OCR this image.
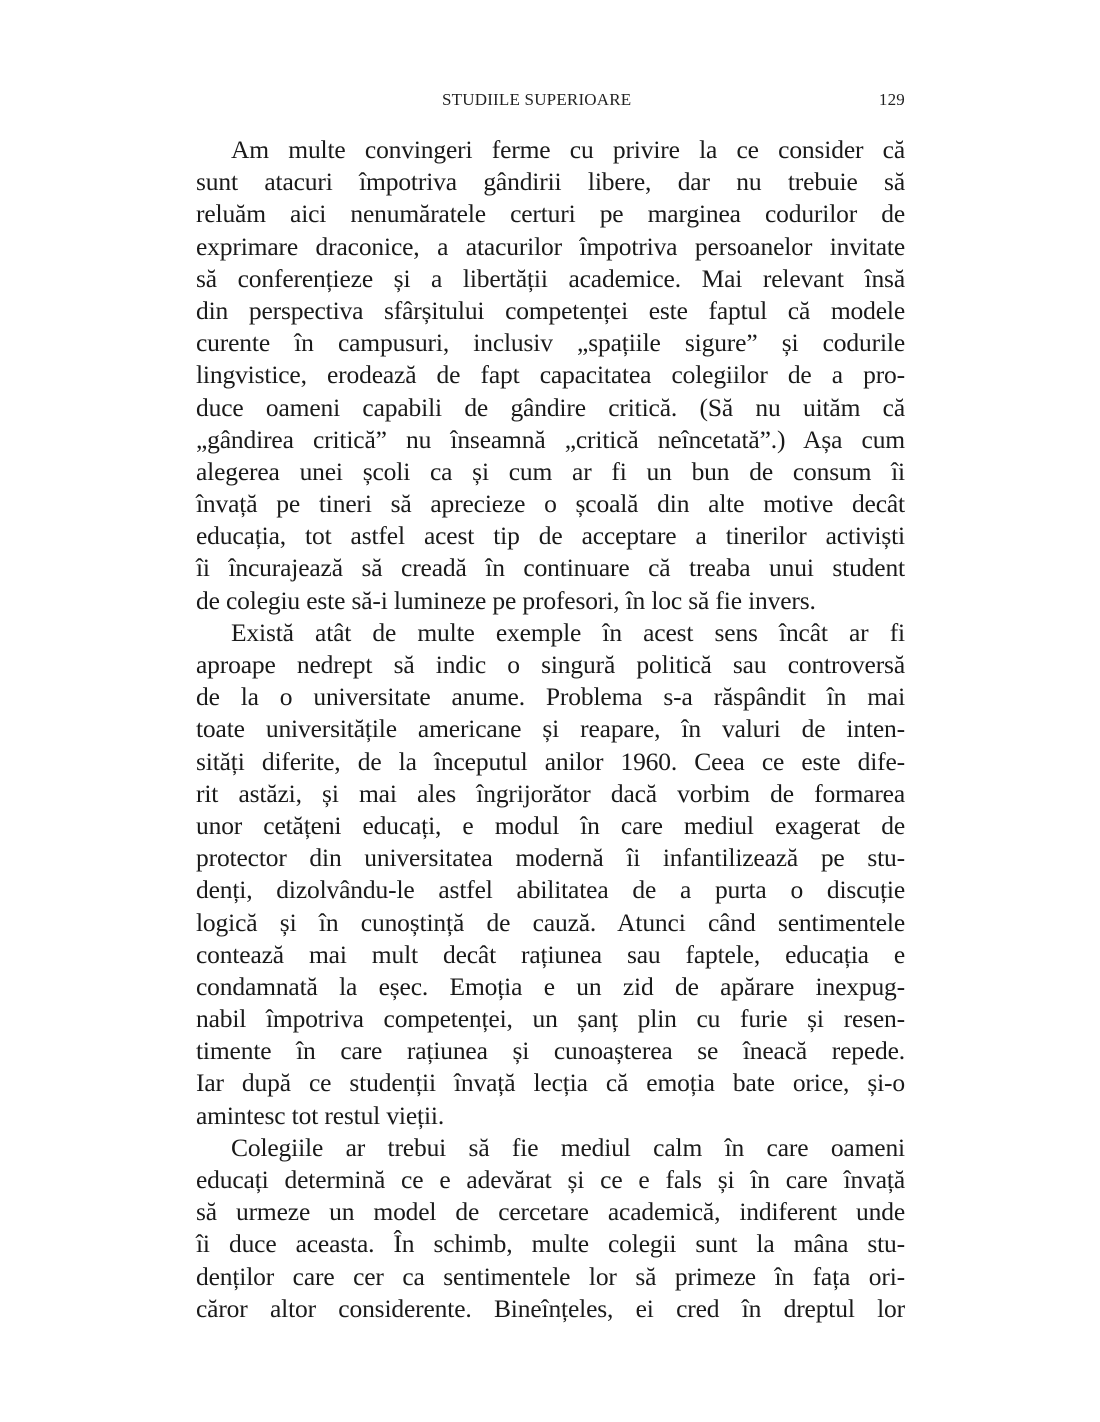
STUDIILE SUPERIOARE	129
Am multe convingeri ferme cu privire la ce consider că
sunt atacuri împotriva gândirii libere, dar nu trebuie să
reluăm aici nenumăratele certuri pe marginea codurilor de
exprimare draconice, a atacurilor împotriva persoanelor invitate
să conferențieze și a libertății academice. Mai relevant însă
din perspectiva sfârșitului competenței este faptul că modele
curente în campusuri, inclusiv „spațiile sigure” și codurile
lingvistice, erodează de fapt capacitatea colegiilor de a pro-
duce oameni capabili de gândire critică. (Să nu uităm că
„gândirea critică” nu înseamnă „critică neîncetată”.) Așa cum
alegerea unei școli ca și cum ar fi un bun de consum îi
învață pe tineri să aprecieze o școală din alte motive decât
educația, tot astfel acest tip de acceptare a tinerilor activiști
îi încurajează să creadă în continuare că treaba unui student
de colegiu este să-i lumineze pe profesori, în loc să fie invers.
Există atât de multe exemple în acest sens încât ar fi
aproape nedrept să indic o singură politică sau controversă
de la o universitate anume. Problema s-a răspândit în mai
toate universitățile americane și reapare, în valuri de inten-
sități diferite, de la începutul anilor 1960. Ceea ce este dife-
rit astăzi, și mai ales îngrijorător dacă vorbim de formarea
unor cetățeni educați, e modul în care mediul exagerat de
protector din universitatea modernă îi infantilizează pe stu-
denți, dizolvându-le astfel abilitatea de a purta o discuție
logică și în cunoștință de cauză. Atunci când sentimentele
contează mai mult decât rațiunea sau faptele, educația e
condamnată la eșec. Emoția e un zid de apărare inexpug-
nabil împotriva competenței, un șanț plin cu furie și resen-
timente în care rațiunea și cunoașterea se îneacă repede.
Iar după ce studenții învață lecția că emoția bate orice, și-o
amintesc tot restul vieții.
Colegiile ar trebui să fie mediul calm în care oameni
educați determină ce e adevărat și ce e fals și în care învață
să urmeze un model de cercetare academică, indiferent unde
îi duce aceasta. În schimb, multe colegii sunt la mâna stu-
denților care cer ca sentimentele lor să primeze în fața ori-
căror altor considerente. Bineînțeles, ei cred în dreptul lor
